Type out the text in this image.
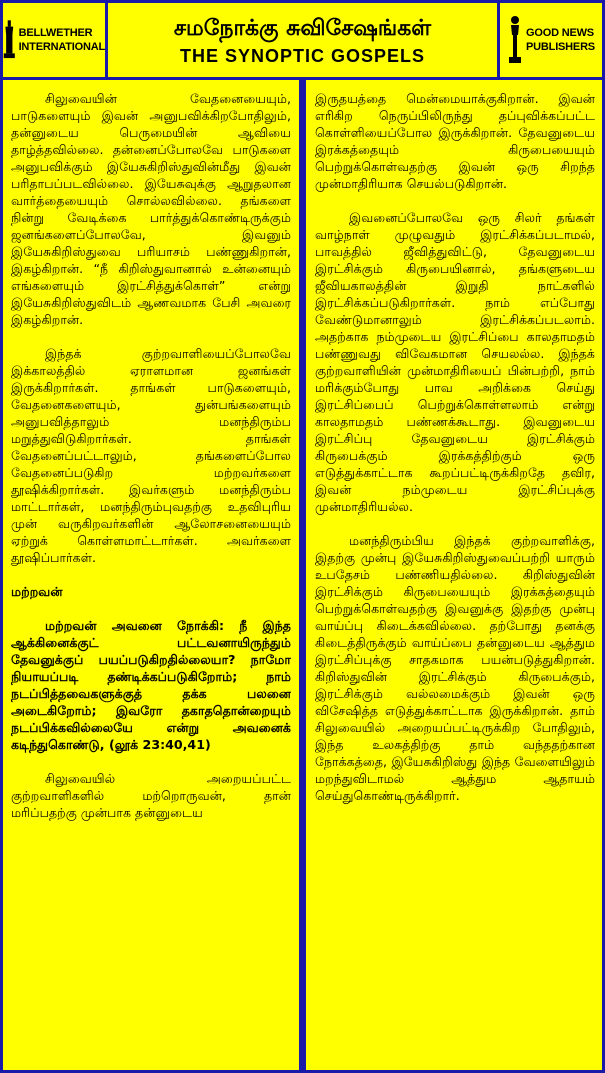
BELLWETHER
INTERNATIONAL
சமநோக்கு சுவிசேஷங்கள்
THE SYNOPTIC GOSPELS
GOOD NEWS
PUBLISHERS

சிலுவையின் வேதனையையும், பாடுகளையும் இவன் அனுபவிக்கிறபோதிலும், தன்னுடைய பெருமையின் ஆவியை தாழ்த்தவில்லை. தன்னைப்போலவே பாடுகளை அனுபவிக்கும் இயேசுகிறிஸ்துவின்மீது இவன் பரிதாபப்படவில்லை. இயேசுவுக்கு ஆறுதலான வார்த்தையையும் சொல்லவில்லை. தங்களை நின்று வேடிக்கை பார்த்துக்கொண்டிருக்கும் ஜனங்களைப்போலவே, இவனும் இயேசுகிறிஸ்துவை பரியாசம் பண்ணுகிறான், இகழ்கிறான். “நீ கிறிஸ்துவானால் உன்னையும் எங்களையும் இரட்சித்துக்கொள்” என்று இயேசுகிறிஸ்துவிடம் ஆணவமாக பேசி அவரை இகழ்கிறான்.

இந்தக் குற்றவாளியைப்போலவே இக்காலத்தில் ஏராளமான ஜனங்கள் இருக்கிறார்கள். தாங்கள் பாடுகளையும், வேதனைகளையும், துன்பங்களையும் அனுபவித்தாலும் மனந்திரும்ப மறுத்துவிடுகிறார்கள். தாங்கள் வேதனைப்பட்டாலும், தங்களைப்போல வேதனைப்படுகிற மற்றவர்களை தூஷிக்கிறார்கள். இவர்களும் மனந்திரும்ப மாட்டார்கள், மனந்திரும்புவதற்கு உதவிபுரிய முன் வருகிறவர்களின் ஆலோசனையையும் ஏற்றுக் கொள்ளமாட்டார்கள். அவர்களை தூஷிப்பார்கள்.

மற்றவன்

மற்றவன் அவனை நோக்கி: நீ இந்த ஆக்கினைக்குட் பட்டவனாயிருந்தும் தேவனுக்குப் பயப்படுகிறதில்லையா? நாமோ நியாயப்படி தண்டிக்கப்படுகிறோம்; நாம் நடப்பித்தவைகளுக்குத் தக்க பலனை அடைகிறோம்; இவரோ தகாததொன்றையும் நடப்பிக்கவில்லையே என்று அவனைக் கடிந்துகொண்டு, (லூக் 23:40,41)

சிலுவையில் அறையப்பட்ட குற்றவாளிகளில் மற்றொருவன், தான் மரிப்பதற்கு முன்பாக தன்னுடைய

இருதயத்தை மென்மையாக்குகிறான். இவன் எரிகிற நெருப்பிலிருந்து தப்புவிக்கப்பட்ட கொள்ளியைப்போல இருக்கிறான். தேவனுடைய இரக்கத்தையும் கிருபையையும் பெற்றுக்கொள்வதற்கு இவன் ஒரு சிறந்த முன்மாதிரியாக செயல்படுகிறான்.

இவனைப்போலவே ஒரு சிலர் தங்கள் வாழ்நாள் முழுவதும் இரட்சிக்கப்படாமல், பாவத்தில் ஜீவித்துவிட்டு, தேவனுடைய இரட்சிக்கும் கிருபையினால், தங்களுடைய ஜீவியகாலத்தின் இறுதி நாட்களில் இரட்சிக்கப்படுகிறார்கள். நாம் எப்போது வேண்டுமானாலும் இரட்சிக்கப்படலாம். அதற்காக நம்முடைய இரட்சிப்பை காலதாமதம் பண்ணுவது விவேகமான செயலல்ல. இந்தக் குற்றவாளியின் முன்மாதிரியைப் பின்பற்றி, நாம் மரிக்கும்போது பாவ அறிக்கை செய்து இரட்சிப்பைப் பெற்றுக்கொள்ளலாம் என்று காலதாமதம் பண்ணக்கூடாது. இவனுடைய இரட்சிப்பு தேவனுடைய இரட்சிக்கும் கிருபைக்கும் இரக்கத்திற்கும் ஒரு எடுத்துக்காட்டாக கூறப்பட்டிருக்கிறதே தவிர, இவன் நம்முடைய இரட்சிப்புக்கு முன்மாதிரியல்ல.

மனந்திரும்பிய இந்தக் குற்றவாளிக்கு, இதற்கு முன்பு இயேசுகிறிஸ்துவைப்பற்றி யாரும் உபதேசம் பண்ணியதில்லை. கிறிஸ்துவின் இரட்சிக்கும் கிருபையையும் இரக்கத்தையும் பெற்றுக்கொள்வதற்கு இவனுக்கு இதற்கு முன்பு வாய்ப்பு கிடைக்கவில்லை. தற்போது தனக்கு கிடைத்திருக்கும் வாய்ப்பை தன்னுடைய ஆத்தும இரட்சிப்புக்கு சாதகமாக பயன்படுத்துகிறான். கிறிஸ்துவின் இரட்சிக்கும் கிருபைக்கும், இரட்சிக்கும் வல்லமைக்கும் இவன் ஒரு விசேஷித்த எடுத்துக்காட்டாக இருக்கிறான். தாம் சிலுவையில் அறையப்பட்டிருக்கிற போதிலும், இந்த உலகத்திற்கு தாம் வந்ததற்கான நோக்கத்தை, இயேசுகிறிஸ்து இந்த வேளையிலும் மறந்துவிடாமல் ஆத்தும ஆதாயம் செய்துகொண்டிருக்கிறார்.
